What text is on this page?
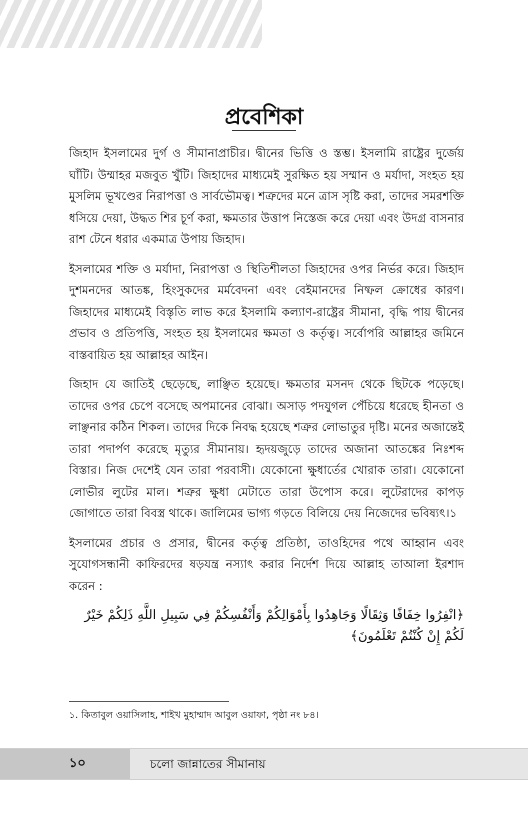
প্রবেশিকা

জিহাদ ইসলামের দুর্গ ও সীমানাপ্রাচীর। দ্বীনের ভিত্তি ও স্তম্ভ। ইসলামি রাষ্ট্রের দুর্জেয় ঘাঁটি। উম্মাহর মজবুত খুঁটি। জিহাদের মাধ্যমেই সুরক্ষিত হয় সম্মান ও মর্যাদা, সংহত হয় মুসলিম ভূখণ্ডের নিরাপত্তা ও সার্বভৌমত্ব। শত্রুদের মনে ত্রাস সৃষ্টি করা, তাদের সমরশক্তি ধসিয়ে দেয়া, উদ্ধত শির চূর্ণ করা, ক্ষমতার উত্তাপ নিস্তেজ করে দেয়া এবং উদগ্র বাসনার রাশ টেনে ধরার একমাত্র উপায় জিহাদ।

ইসলামের শক্তি ও মর্যাদা, নিরাপত্তা ও স্থিতিশীলতা জিহাদের ওপর নির্ভর করে। জিহাদ দুশমনদের আতঙ্ক, হিংসুকদের মর্মবেদনা এবং বেইমানদের নিষ্ফল ক্রোধের কারণ। জিহাদের মাধ্যমেই বিস্তৃতি লাভ করে ইসলামি কল্যাণ-রাষ্ট্রের সীমানা, বৃদ্ধি পায় দ্বীনের প্রভাব ও প্রতিপত্তি, সংহত হয় ইসলামের ক্ষমতা ও কর্তৃত্ব। সর্বোপরি আল্লাহর জমিনে বাস্তবায়িত হয় আল্লাহর আইন।

জিহাদ যে জাতিই ছেড়েছে, লাঞ্ছিত হয়েছে। ক্ষমতার মসনদ থেকে ছিটকে পড়েছে। তাদের ওপর চেপে বসেছে অপমানের বোঝা। অসাড় পদযুগল পেঁচিয়ে ধরেছে হীনতা ও লাঞ্ছনার কঠিন শিকল। তাদের দিকে নিবদ্ধ হয়েছে শত্রুর লোভাতুর দৃষ্টি। মনের অজান্তেই তারা পদার্পণ করেছে মৃত্যুর সীমানায়। হৃদয়জুড়ে তাদের অজানা আতঙ্কের নিঃশব্দ বিস্তার। নিজ দেশেই যেন তারা পরবাসী। যেকোনো ক্ষুধার্তের খোরাক তারা। যেকোনো লোভীর লুটের মাল। শত্রুর ক্ষুধা মেটাতে তারা উপোস করে। লুটেরাদের কাপড় জোগাতে তারা বিবস্ত্র থাকে। জালিমের ভাগ্য গড়তে বিলিয়ে দেয় নিজেদের ভবিষ্যৎ।১

ইসলামের প্রচার ও প্রসার, দ্বীনের কর্তৃত্ব প্রতিষ্ঠা, তাওহিদের পথে আহ্বান এবং সুযোগসন্ধানী কাফিরদের ষড়যন্ত্র নস্যাৎ করার নির্দেশ দিয়ে আল্লাহ তাআলা ইরশাদ করেন :

﴿انْفِرُوا خِفَافًا وَثِقَالًا وَجَاهِدُوا بِأَمْوَالِكُمْ وَأَنْفُسِكُمْ فِي سَبِيلِ اللَّهِ ذَلِكُمْ خَيْرٌ لَكُمْ إِنْ كُنْتُمْ تَعْلَمُونَ﴾

১. কিতাবুল ওয়াসিলাহ, শাইখ মুহাম্মাদ আবুল ওয়াফা, পৃষ্ঠা নং ৮৪।
১০	চলো জান্নাতের সীমানায়
